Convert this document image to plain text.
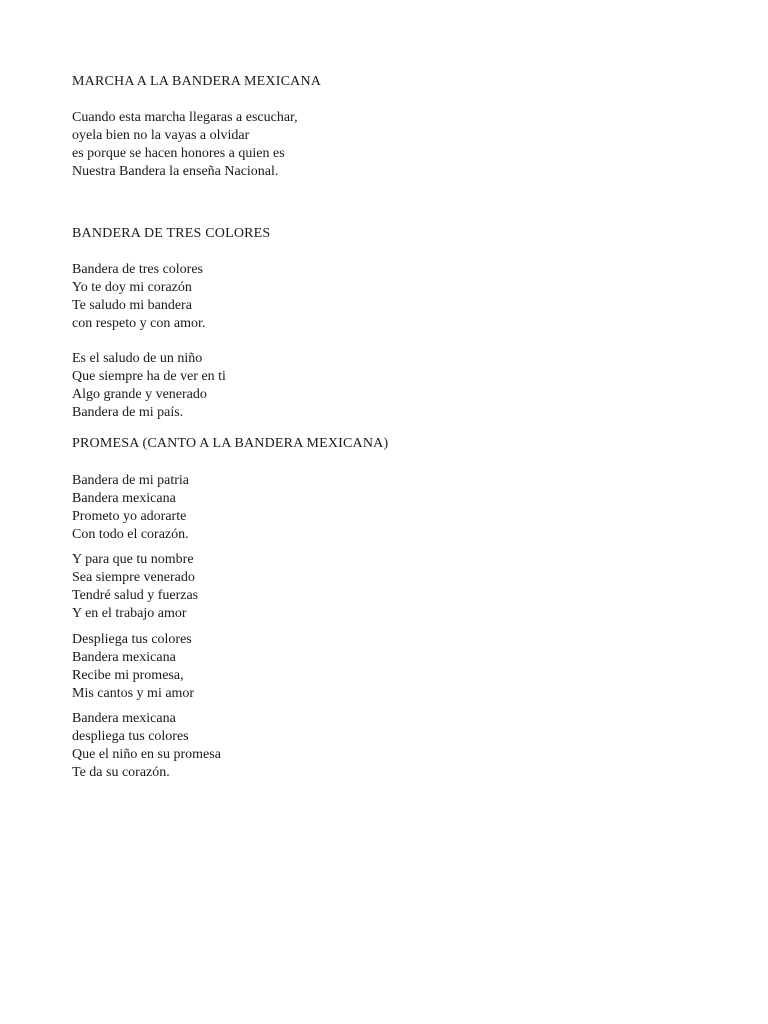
MARCHA A LA BANDERA MEXICANA
Cuando esta marcha llegaras a escuchar,
oyela bien no la vayas a olvidar
es porque se hacen honores a quien es
Nuestra Bandera la enseña Nacional.
BANDERA DE TRES COLORES
Bandera de tres colores
Yo te doy mi corazón
Te saludo mi bandera
con respeto y con amor.
Es el saludo de un niño
Que siempre ha de ver en ti
Algo grande y venerado
Bandera de mi país.
PROMESA (CANTO A LA BANDERA MEXICANA)
Bandera de mi patria
Bandera mexicana
Prometo yo adorarte
Con todo el corazón.
Y para que tu nombre
Sea siempre venerado
Tendré salud y fuerzas
Y en el trabajo amor
Despliega tus colores
Bandera mexicana
Recibe mi promesa,
Mis cantos y mi amor
Bandera mexicana
despliega tus colores
Que el niño en su promesa
Te da su corazón.
